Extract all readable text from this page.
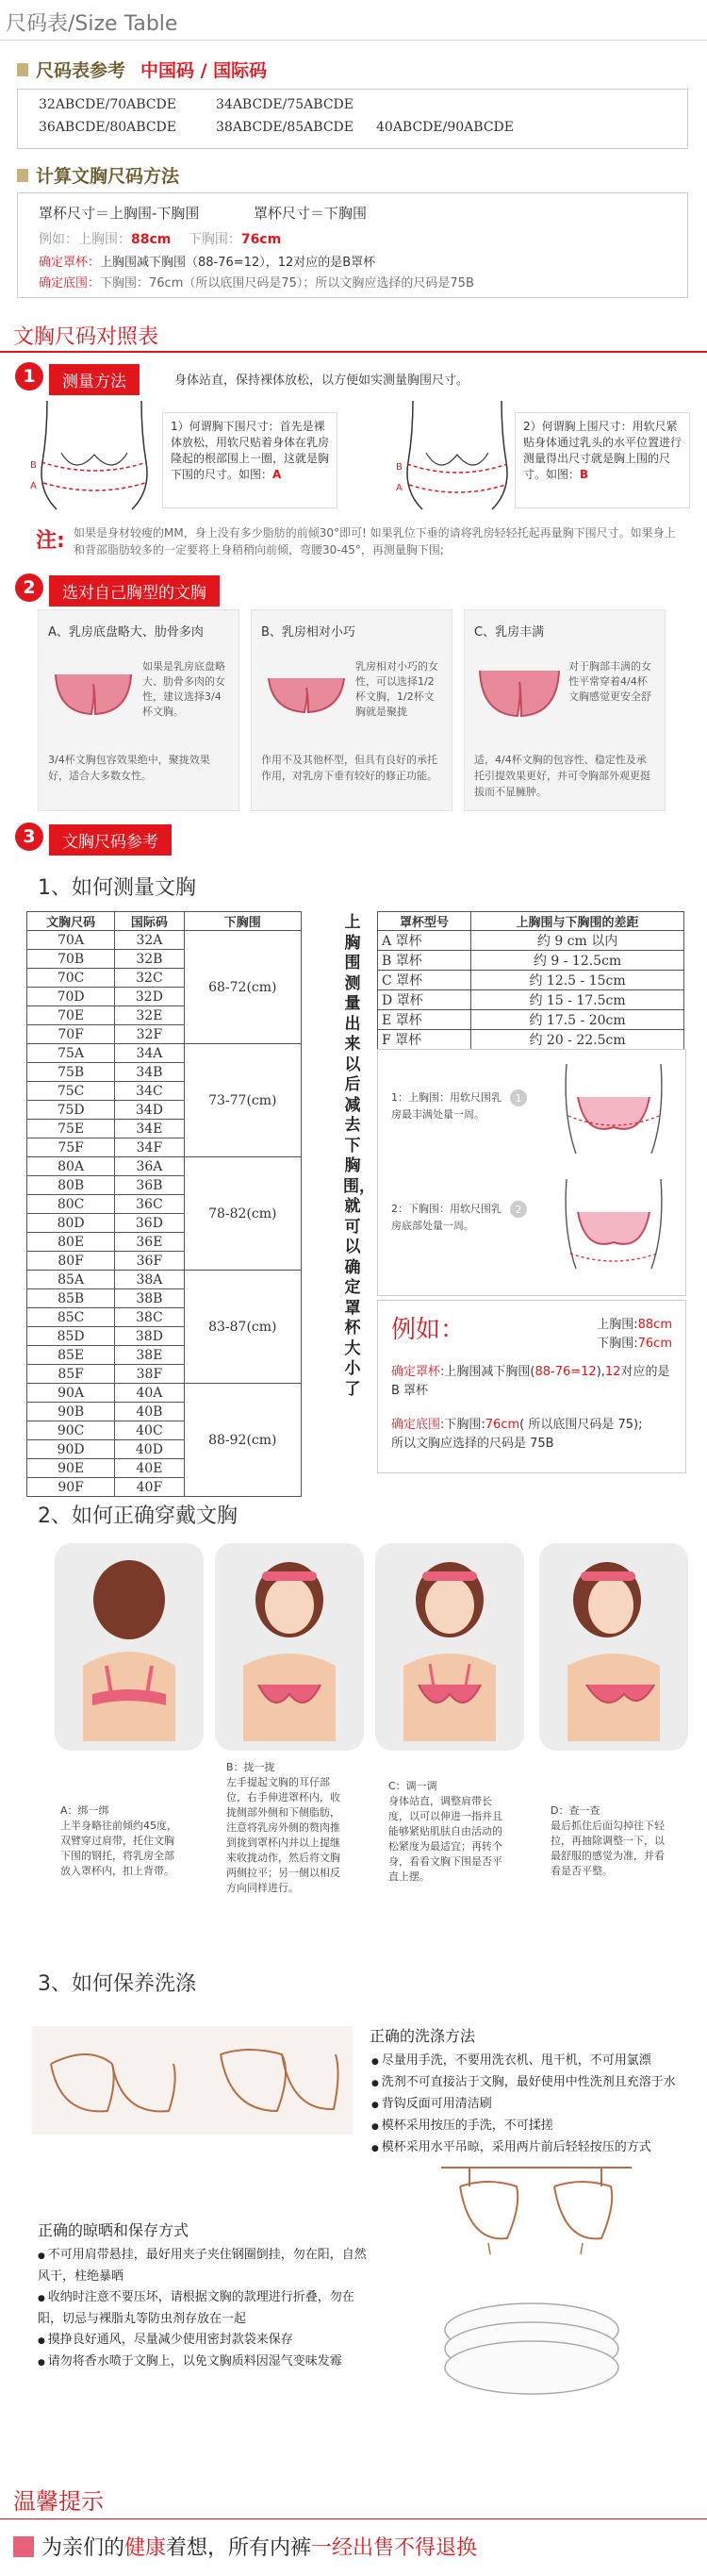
尺码表/Size Table
尺码表参考 中国码 / 国际码
32ABCDE/70ABCDE	34ABCDE/75ABCDE
36ABCDE/80ABCDE	38ABCDE/85ABCDE 40ABCDE/90ABCDE
计算文胸尺码方法
罩杯尺寸＝上胸围-下胸围	罩杯尺寸＝下胸围
例如：上胸围：88cm 下胸围：76cm
确定罩杯：上胸围减下胸围（88-76=12），12对应的是B罩杯
确定底围：下胸围：76cm（所以底围尺码是75）；所以文胸应选择的尺码是75B
文胸尺码对照表
1	测量方法	身体站直，保持裸体放松，以方便如实测量胸围尺寸。
B
A
1）何谓胸下围尺寸：首先是裸体放松，用软尺贴着身体在乳房隆起的根部围上一圈，这就是胸下围的尺寸。如图：A
B
A
2）何谓胸上围尺寸：用软尺紧贴身体通过乳头的水平位置进行测量得出尺寸就是胸上围的尺寸。如图：B
注: 如果是身材较瘦的MM，身上没有多少脂肪的前倾30°即可! 如果乳位下垂的请将乳房轻轻托起再量胸下围尺寸。如果身上和背部脂肪较多的一定要将上身稍稍向前倾，弯腰30-45°，再测量胸下围;
2	选对自己胸型的文胸
A、乳房底盘略大、肋骨多肉
如果是乳房底盘略大、肋骨多肉的女性，建议选择3/4杯文胸。
3/4杯文胸包容效果绝中，聚拢效果好，适合大多数女性。
B、乳房相对小巧
乳房相对小巧的女性，可以选择1/2杯文胸，1/2杯文胸就是聚拢
作用不及其他杯型，但具有良好的承托作用，对乳房下垂有较好的修正功能。
C、乳房丰满
对于胸部丰满的女性平常穿着4/4杯文胸感觉更安全舒
适，4/4杯文胸的包容性、稳定性及承托引提效果更好，并可令胸部外观更挺拔而不显臃肿。
3	文胸尺码参考
1、如何测量文胸
文胸尺码	国际码	下胸围
70A	32A	68-72(cm)
70B	32B	
70C	32C	
70D	32D	
70E	32E	
70F	32F	
75A	34A	73-77(cm)
75B	34B	
75C	34C	
75D	34D	
75E	34E	
75F	34F	
80A	36A	78-82(cm)
80B	36B	
80C	36C	
80D	36D	
80E	36E	
80F	36F	
85A	38A	83-87(cm)
85B	38B	
85C	38C	
85D	38D	
85E	38E	
85F	38F	
90A	40A	88-92(cm)
90B	40B	
90C	40C	
90D	40D	
90E	40E	
90F	40F	
上胸围测量出来以后减去下胸围，就可以确定罩杯大小了
罩杯型号	上胸围与下胸围的差距
A 罩杯	约 9 cm 以内
B 罩杯	约 9 - 12.5cm
C 罩杯	约 12.5 - 15cm
D 罩杯	约 15 - 17.5cm
E 罩杯	约 17.5 - 20cm
F 罩杯	约 20 - 22.5cm
1
1：上胸围：用软尺围乳房最丰满处量一周。
2
2：下胸围：用软尺围乳房底部处量一周。
例如：	上胸围:88cm
下胸围:76cm
确定罩杯:上胸围减下胸围(88-76=12),12对应的是 B 罩杯
确定底围:下胸围:76cm( 所以底围尺码是 75);
所以文胸应选择的尺码是 75B
2、如何正确穿戴文胸
A：绑一绑
上半身略往前倾约45度，双臂穿过肩带，托住文胸下围的钢托，将乳房全部放入罩杯内，扣上背带。
B：拢一拢
左手提起文胸的耳仔部位，右手伸进罩杯内，收拢侧部外侧和下侧脂肪，注意将乳房外侧的赘肉推到拢到罩杯内并以上提继来收拢动作，然后将文胸两侧拉平；另一侧以相反方向同样进行。
C：调一调
身体站直，调整肩带长度，以可以伸进一指并且能够紧贴肌肤自由活动的松紧度为最适宜；再转个身，看看文胸下围是否平直上摆。
D：查一查
最后抓住后面勾掉往下轻拉，再抽除调整一下，以最舒服的感觉为准，并看看是否平整。
3、如何保养洗涤
正确的洗涤方法
● 尽量用手洗，不要用洗衣机、甩干机，不可用氯漂
● 洗剂不可直接沾于文胸，最好使用中性洗剂且充溶于水
● 背钩反面可用清洁刷
● 模杯采用按压的手洗，不可揉搓
● 模杯采用水平吊晾，采用两片前后轻轻按压的方式
正确的晾晒和保存方式
● 不可用肩带悬挂，最好用夹子夹住钢圈倒挂，勿在阳，自然风干，柱绝暴晒
● 收纳时注意不要压坏，请根据文胸的款理进行折叠，勿在阳，切忌与裸脂丸等防虫剂存放在一起
● 摸挣良好通风，尽量减少使用密封款袋来保存
● 请勿将香水喷于文胸上，以免文胸质料因湿气变味发霉
温馨提示
为亲们的 健康 着想，所有内裤 一经出售不得退换
